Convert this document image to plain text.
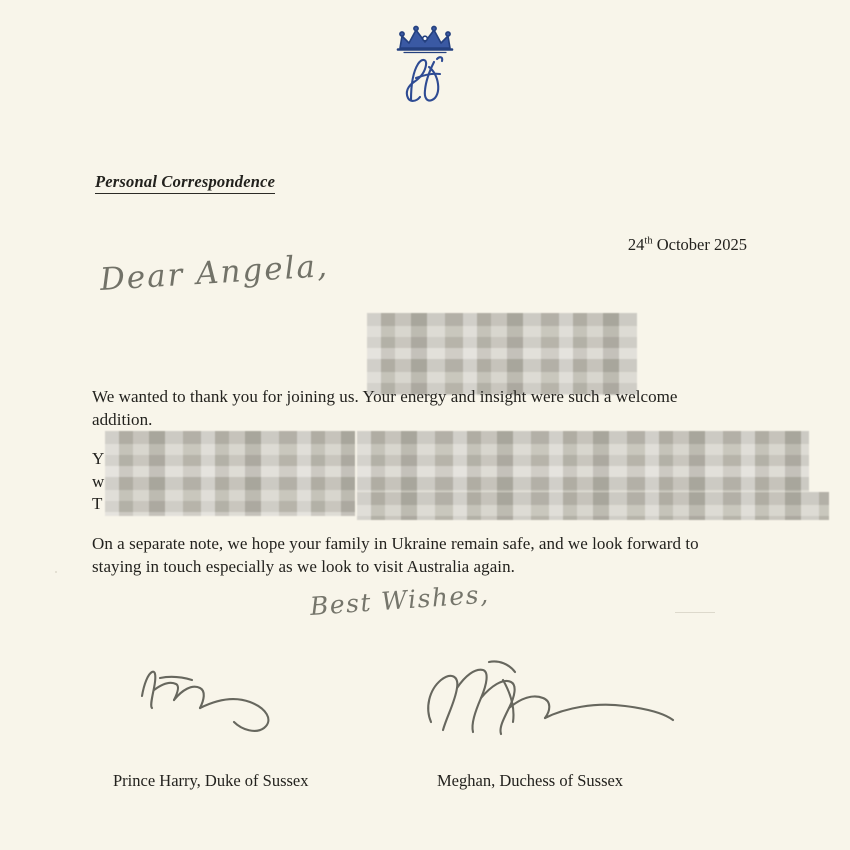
Personal Correspondence
24th October 2025
Dear Angela,
We wanted to thank you for joining us. Your energy and insight were such a welcome addition.
Y
w
T
On a separate note, we hope your family in Ukraine remain safe, and we look forward to staying in touch especially as we look to visit Australia again.
Best Wishes,
Prince Harry, Duke of Sussex	Meghan, Duchess of Sussex
